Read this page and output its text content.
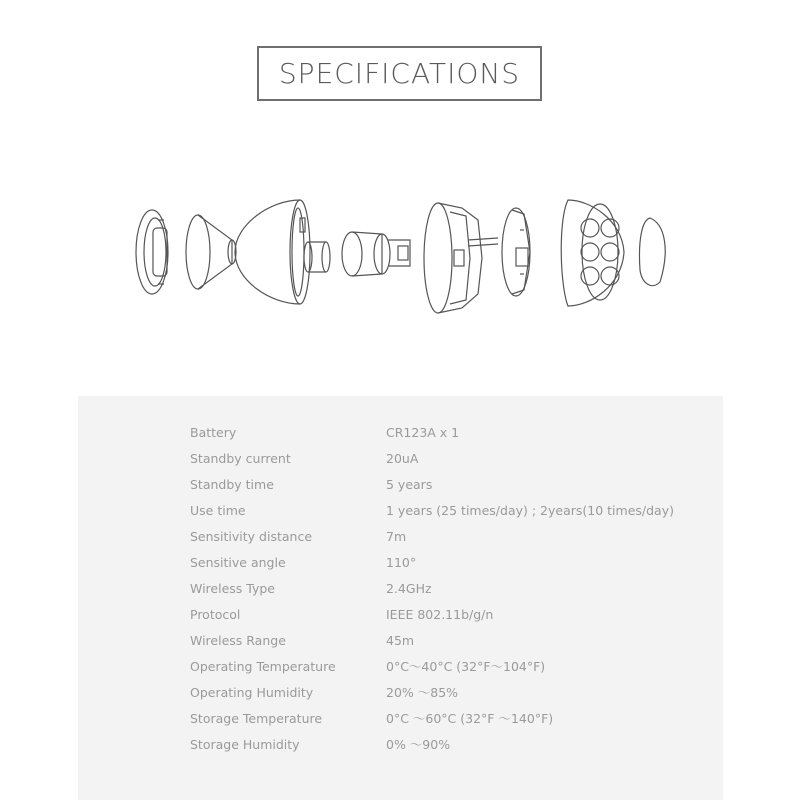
SPECIFICATIONS
Battery	CR123A x 1
Standby current	20uA
Standby time	5 years
Use time	1 years (25 times/day) ; 2years(10 times/day)
Sensitivity distance	7m
Sensitive angle	110°
Wireless Type	2.4GHz
Protocol	IEEE 802.11b/g/n
Wireless Range	45m
Operating Temperature	0°C～40°C (32°F～104°F)
Operating Humidity	20% ～85%
Storage Temperature	0°C ～60°C (32°F ～140°F)
Storage Humidity	0% ～90%
